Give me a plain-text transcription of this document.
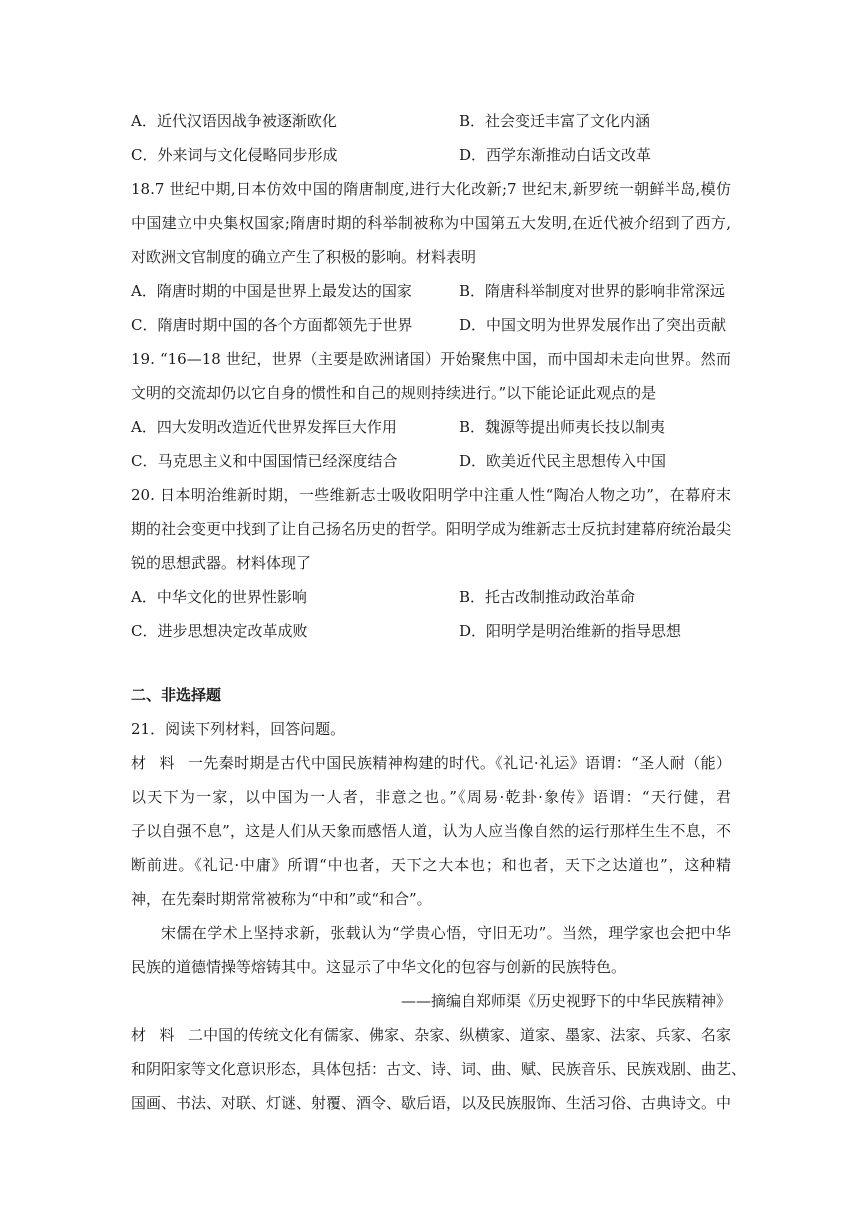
A．近代汉语因战争被逐渐欧化	B．社会变迁丰富了文化内涵
C．外来词与文化侵略同步形成	D．西学东渐推动白话文改革
18.7 世纪中期,日本仿效中国的隋唐制度,进行大化改新;7 世纪末,新罗统一朝鲜半岛,模仿
中国建立中央集权国家;隋唐时期的科举制被称为中国第五大发明,在近代被介绍到了西方,
对欧洲文官制度的确立产生了积极的影响。材料表明
A．隋唐时期的中国是世界上最发达的国家	B．隋唐科举制度对世界的影响非常深远
C．隋唐时期中国的各个方面都领先于世界	D．中国文明为世界发展作出了突出贡献
19. “16—18 世纪，世界（主要是欧洲诸国）开始聚焦中国，而中国却未走向世界。然而
文明的交流却仍以它自身的惯性和自己的规则持续进行。”以下能论证此观点的是
A．四大发明改造近代世界发挥巨大作用	B．魏源等提出师夷长技以制夷
C．马克思主义和中国国情已经深度结合	D．欧美近代民主思想传入中国
20. 日本明治维新时期，一些维新志士吸收阳明学中注重人性“陶冶人物之功”，在幕府末
期的社会变更中找到了让自己扬名历史的哲学。阳明学成为维新志士反抗封建幕府统治最尖
锐的思想武器。材料体现了
A．中华文化的世界性影响	B．托古改制推动政治革命
C．进步思想决定改革成败	D．阳明学是明治维新的指导思想
二、非选择题
21．阅读下列材料，回答问题。
材料一先秦时期是古代中国民族精神构建的时代。《礼记·礼运》语谓：“圣人耐（能）
以天下为一家，以中国为一人者，非意之也。”《周易·乾卦·象传》语谓：“天行健，君
子以自强不息”，这是人们从天象而感悟人道，认为人应当像自然的运行那样生生不息，不
断前进。《礼记·中庸》所谓“中也者，天下之大本也；和也者，天下之达道也”，这种精
神，在先秦时期常常被称为“中和”或“和合”。
宋儒在学术上坚持求新，张载认为“学贵心悟，守旧无功”。当然，理学家也会把中华
民族的道德情操等熔铸其中。这显示了中华文化的包容与创新的民族特色。
——摘编自郑师渠《历史视野下的中华民族精神》
材料二中国的传统文化有儒家、佛家、杂家、纵横家、道家、墨家、法家、兵家、名家
和阴阳家等文化意识形态，具体包括：古文、诗、词、曲、赋、民族音乐、民族戏剧、曲艺、
国画、书法、对联、灯谜、射覆、酒令、歇后语，以及民族服饰、生活习俗、古典诗文。中
